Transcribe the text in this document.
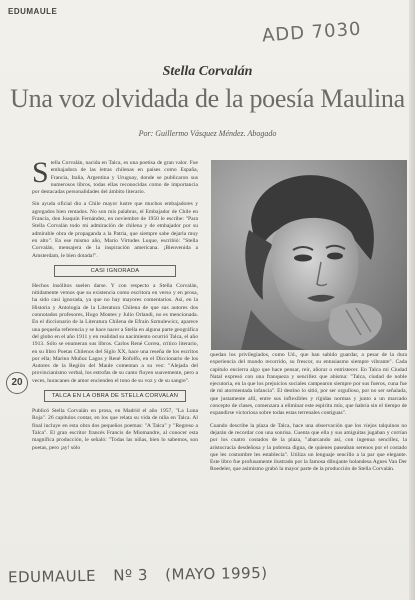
EDUMAULE
ADD 7030
Stella Corvalán
Una voz olvidada de la poesía Maulina
Por: Guillermo Vásquez Méndez. Abogado
20

S tella Corvalán, nacida en Talca, es una poetisa de gran valor. Fue embajadora de las letras chilenas en países como España, Francia, Italia, Argentina y Uruguay, donde se publicaron sus numerosos libros, todas ellas reconocidas como de importancia por destacadas personalidades del ámbito literario.

Sin ayuda oficial dio a Chile mayor lustre que muchos embajadores y agregados bien rentados. No son mis palabras, el Embajador de Chile en Francia, don Joaquín Fernández, en noviembre de 1950 le escribe: "Para Stella Corvalán todo mi admiración de chilena y de embajador por su admirable obra de propaganda a la Patria, que siempre sabe dejarla muy en alto". En ese mismo año, Mario Virtudes Luque, escribió: "Stella Corvalán, mensajera de la inspiración americana. ¡Bienvenida a Amsterdam, le bien dotada!".

CASI IGNORADA

Hechos insólitos suelen darse. Y con respecto a Stella Corvalán, nítidamente vemos que su existencia como escritora en verso y en prosa, ha sido casi ignorada, ya que no hay mayores comentarios. Así, en la Historia y Antología de la Literatura Chilena de que sus autores dos connotados profesores, Hugo Montes y Julio Orlandi, no es mencionada. En el diccionario de la Literatura Chilena de Efraín Szmulewicz, aparece una pequeña referencia y se hace nacer a Stella en alguna parte geográfica del globo en el año 1911 y en realidad su nacimiento ocurrió Talca, el año 1913. Sólo se enumeran sus libros. Carlos René Correa, crítico literario, en su libro Poetas Chilenos del Siglo XX, hace una reseña de los escritos por ella; Marino Muñoz Lagos y René Rofolfo, en el Diccionario de los Autores de la Región del Maule comentan a su vez: "Alejada del provincianismo verbal, los estrofas de su canto fluyen suavemente, pero a veces, huracanes de amor encienden el tono de su voz y de su sangre".

TALCA EN LA OBRA DE STELLA CORVALAN

Publicó Stella Corvalán en prosa, en Madrid el año 1957, "La Luna Roja". 26 capítulos contar, en los que relata su vida de niña en Talca. Al final incluye en esta obra dos pequeños poemas: "A Talca" y "Regreso a Talca". El gran escritor francés Francis de Miomandre, al conocer esta magnífica producción, le señaló: "Todas las niñas, bien lo sabemos, son poetas, pero ¡ay! sólo

quedan los privilegiados, como Ud., que han sabido guardar, a pesar de la dura experiencia del mundo recorrido, su frescor, su entusiasmo siempre vibrante". Cada capítulo encierra algo que hace pensar, reír, añorar o entristecer. En Talca mi Ciudad Natal expresó con una franqueza y sencillez que abisma: "Talca, ciudad de noble ejecutoria, en la que los prejuicios sociales campearon siempre por sus fueros, cuna fue de mi atormentada infancia". El destino lo sitió, por ser orgulloso, por no ser señalada, que justamente allí, entre sus inflexibles y rígidas normas y junto a un marcado concepto de clases, comenzara a eliminar este espíritu mío, que habría sin el tiempo de expandirse victoriosa sobre todas estas terrenales contiguas".

Cuando describe la plaza de Talca, hace una observación que los viejos talquinos no dejarán de recordar con una sonrisa. Cuenta que ella y sus amiguitas jugaban y corrían por los cuatro costados de la plaza, "abarcando así, con ingenua sencillez, la aristocracia desdeñosa y la pobreza digna, de quienes paseaban serenos por el costado que les costumbre les establecía". Utiliza un lenguaje sencillo a la par que elegante. Este libro fue profusamente ilustrado por la famosa dibujante holandesa Agnes Van Der Roedeler, que asimismo grabó la mayor parte de la producción de Stella Corvalán.

EDUMAULE Nº 3 (MAYO 1995)
